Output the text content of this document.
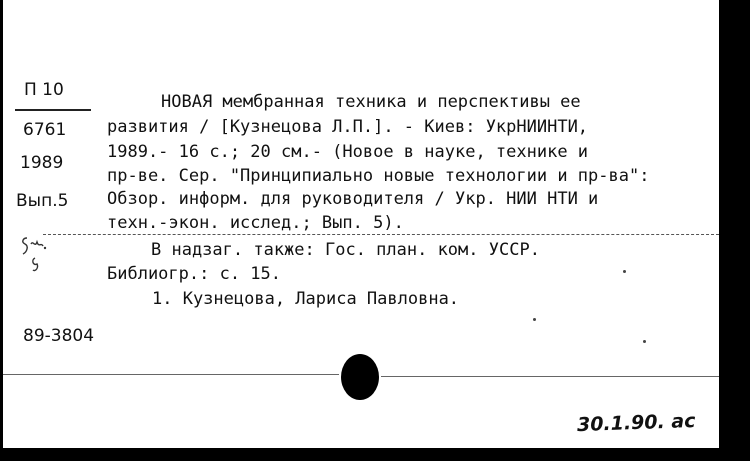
П 10
6761
1989
Вып.5
89-3804
НОВАЯ мембранная техника и перспективы ее
развития / [Кузнецова Л.П.]. - Киев: УкрНИИНТИ,
1989.- 16 с.; 20 см.- (Новое в науке, технике и
пр-ве. Сер. "Принципиально новые технологии и пр-ва":
Обзор. информ. для руководителя / Укр. НИИ НТИ и
техн.-экон. исслед.; Вып. 5).
В надзаг. также: Гос. план. ком. УССР.
Библиогр.: с. 15.
1. Кузнецова, Лариса Павловна.
30.1.90. ас
